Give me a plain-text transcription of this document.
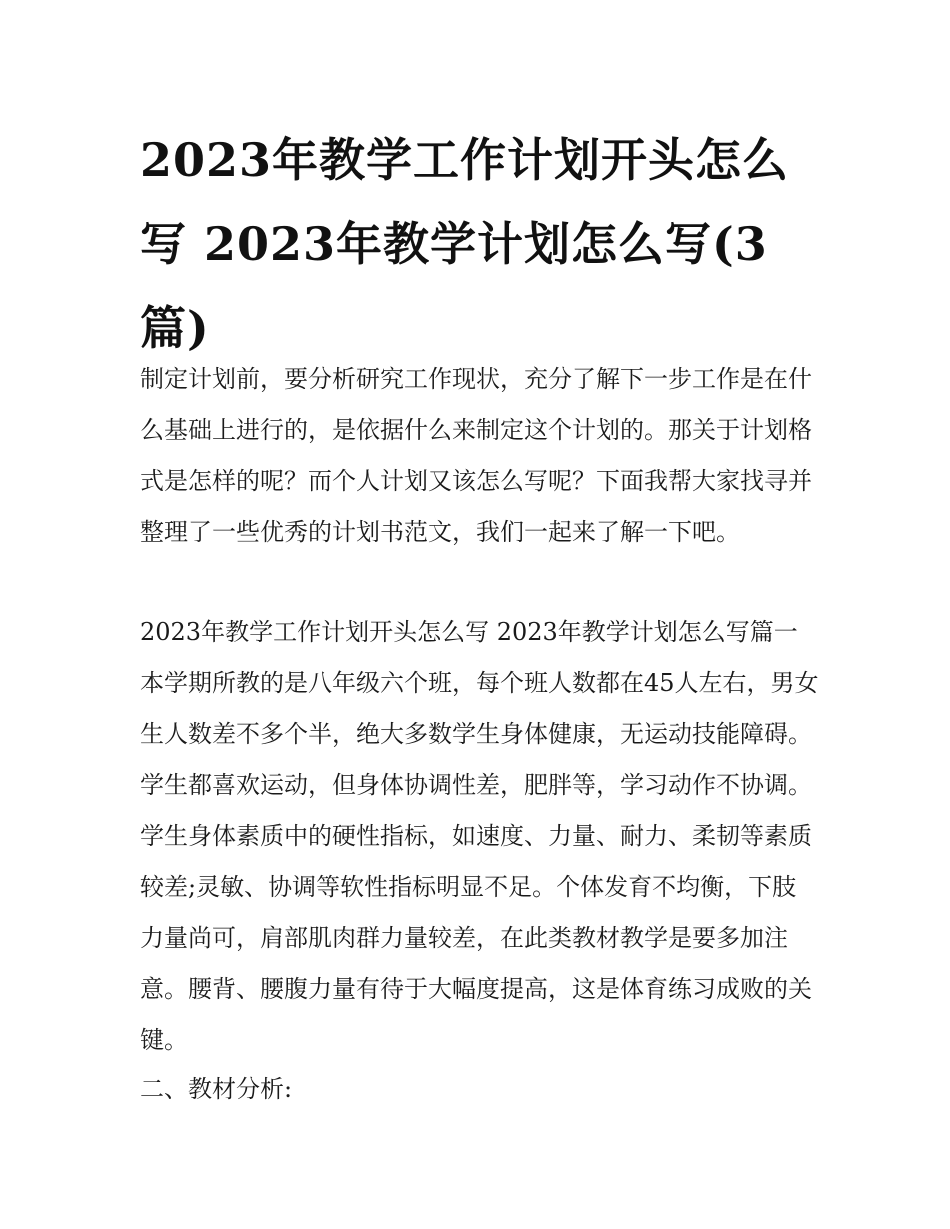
2023年教学工作计划开头怎么写 2023年教学计划怎么写(3篇)

制定计划前，要分析研究工作现状，充分了解下一步工作是在什么基础上进行的，是依据什么来制定这个计划的。那关于计划格式是怎样的呢？而个人计划又该怎么写呢？下面我帮大家找寻并整理了一些优秀的计划书范文，我们一起来了解一下吧。

2023年教学工作计划开头怎么写 2023年教学计划怎么写篇一

本学期所教的是八年级六个班，每个班人数都在45人左右，男女生人数差不多个半，绝大多数学生身体健康，无运动技能障碍。学生都喜欢运动，但身体协调性差，肥胖等，学习动作不协调。学生身体素质中的硬性指标，如速度、力量、耐力、柔韧等素质较差;灵敏、协调等软性指标明显不足。个体发育不均衡，下肢力量尚可，肩部肌肉群力量较差，在此类教材教学是要多加注意。腰背、腰腹力量有待于大幅度提高，这是体育练习成败的关键。

二、教材分析:
